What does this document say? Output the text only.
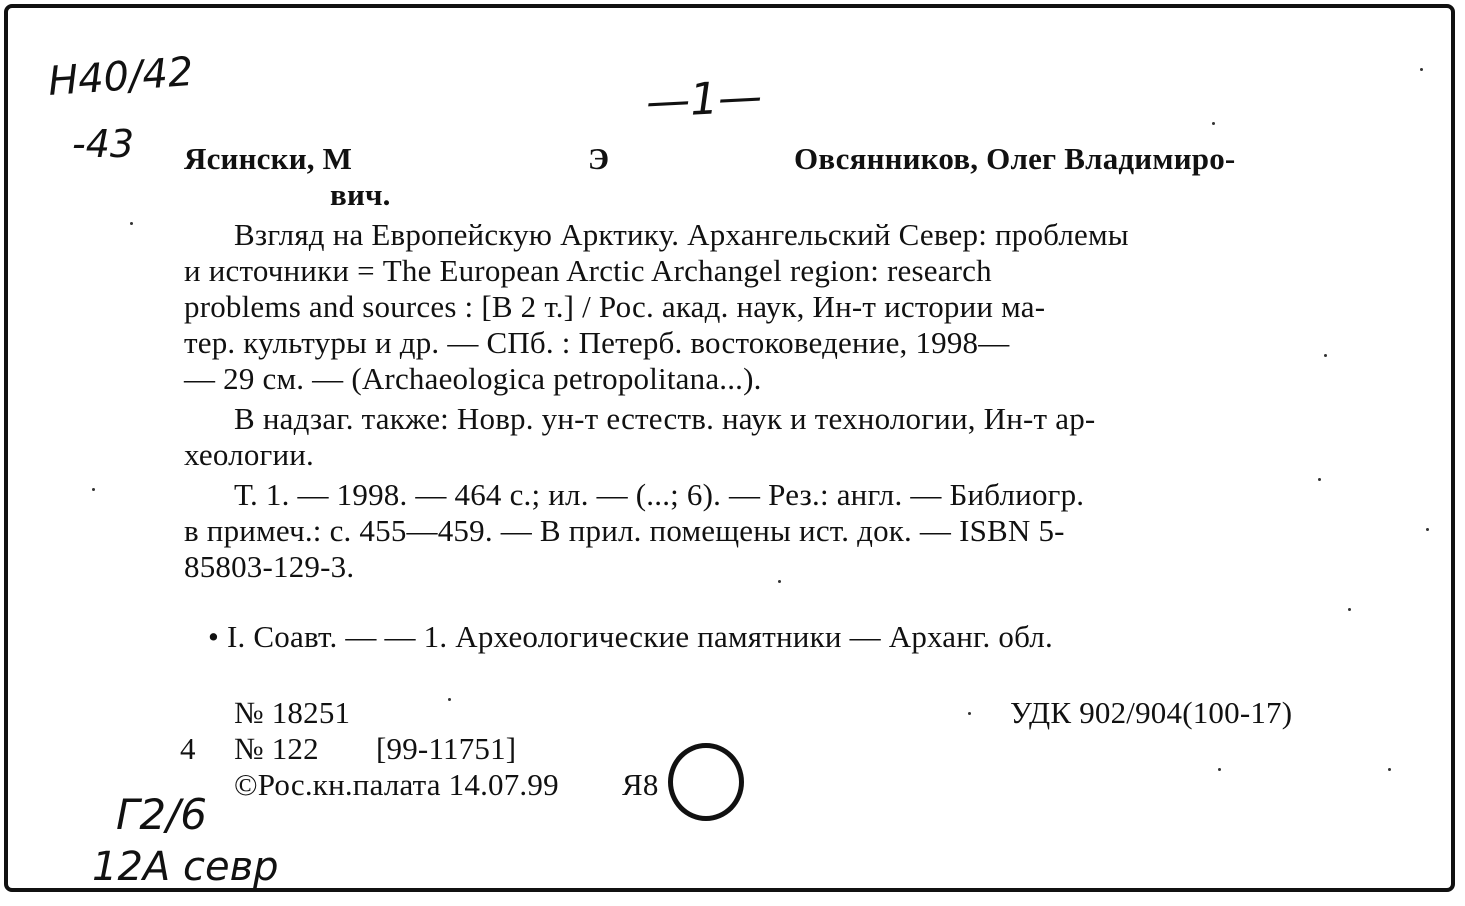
Н40/42
-43
—1—
Ясински, М	Э	Овсянников, Олег Владимиро-
вич.
Взгляд на Европейскую Арктику. Архангельский Север: проблемы
и источники = The European Arctic Archangel region: research
problems and sources : [В 2 т.] / Рос. акад. наук, Ин-т истории ма-
тер. культуры и др. — СПб. : Петерб. востоковедение, 1998—
— 29 см. — (Archaeologica petropolitana...).
В надзаг. также: Новр. ун-т естеств. наук и технологии, Ин-т ар-
хеологии.
Т. 1. — 1998. — 464 с.; ил. — (...; 6). — Рез.: англ. — Библиогр.
в примеч.: с. 455—459. — В прил. помещены ист. док. — ISBN 5-
85803-129-3.
• I. Соавт. — — 1. Археологические памятники — Арханг. обл.
№ 18251	УДК 902/904(100-17)
4 № 122 [99-11751]
©Рос.кн.палата 14.07.99 Я8
Г2/6
12А севр
